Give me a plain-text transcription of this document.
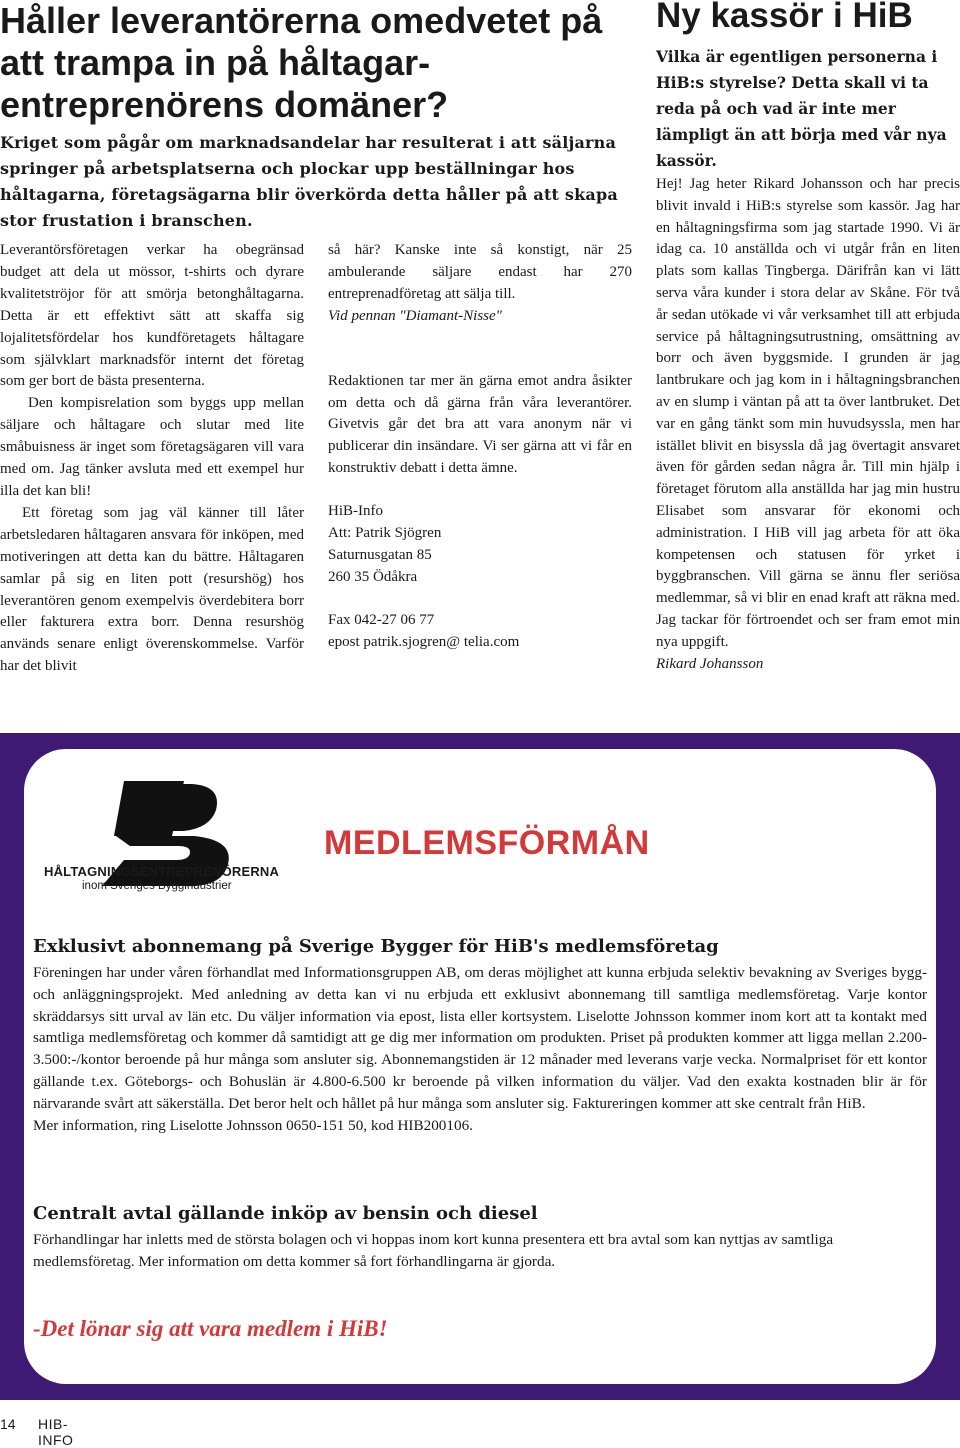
Håller leverantörerna omedvetet på att trampa in på håltagar-entreprenörens domäner?

Kriget som pågår om marknadsandelar har resulterat i att säljarna springer på arbetsplatserna och plockar upp beställningar hos håltagarna, företagsägarna blir överkörda detta håller på att skapa stor frustation i branschen.

Leverantörsföretagen verkar ha obegränsad budget att dela ut mössor, t-shirts och dyrare kvalitetströjor för att smörja betonghåltagarna. Detta är ett effektivt sätt att skaffa sig lojalitetsfördelar hos kundföretagets håltagare som självklart marknadsför internt det företag som ger bort de bästa presenterna.

Den kompisrelation som byggs upp mellan säljare och håltagare och slutar med lite småbuisness är inget som företagsägaren vill vara med om. Jag tänker avsluta med ett exempel hur illa det kan bli!

Ett företag som jag väl känner till låter arbetsledaren håltagaren ansvara för inköpen, med motiveringen att detta kan du bättre. Håltagaren samlar på sig en liten pott (resurshög) hos leverantören genom exempelvis överdebitera borr eller fakturera extra borr. Denna resurshög används senare enligt överenskommelse. Varför har det blivit

så här? Kanske inte så konstigt, när 25 ambulerande säljare endast har 270 entreprenadföretag att sälja till.

Vid pennan "Diamant-Nisse"

Redaktionen tar mer än gärna emot andra åsikter om detta och då gärna från våra leverantörer. Givetvis går det bra att vara anonym när vi publicerar din insändare. Vi ser gärna att vi får en konstruktiv debatt i detta ämne.

HiB-Info

Att: Patrik Sjögren

Saturnusgatan 85

260 35 Ödåkra

Fax 042-27 06 77

epost patrik.sjogren@ telia.com

Ny kassör i HiB

Vilka är egentligen personerna i HiB:s styrelse? Detta skall vi ta reda på och vad är inte mer lämpligt än att börja med vår nya kassör.

Hej! Jag heter Rikard Johansson och har precis blivit invald i HiB:s styrelse som kassör. Jag har en håltagningsfirma som jag startade 1990. Vi är idag ca. 10 anställda och vi utgår från en liten plats som kallas Tingberga. Därifrån kan vi lätt serva våra kunder i stora delar av Skåne. För två år sedan utökade vi vår verksamhet till att erbjuda service på håltagningsutrustning, omsättning av borr och även byggsmide. I grunden är jag lantbrukare och jag kom in i håltagningsbranchen av en slump i väntan på att ta över lantbruket. Det var en gång tänkt som min huvudsyssla, men har istället blivit en bisyssla då jag övertagit ansvaret även för gården sedan några år. Till min hjälp i företaget förutom alla anställda har jag min hustru Elisabet som ansvarar för ekonomi och administration. I HiB vill jag arbeta för att öka kompetensen och statusen för yrket i byggbranschen. Vill gärna se ännu fler seriösa medlemmar, så vi blir en enad kraft att räkna med. Jag tackar för förtroendet och ser fram emot min nya uppgift.

Rikard Johansson

HÅLTAGNINGSENTREPRENÖRERNA

inom Sveriges Byggindustrier

MEDLEMSFÖRMÅN
Exklusivt abonnemang på Sverige Bygger för HiB's medlemsföretag

Föreningen har under våren förhandlat med Informationsgruppen AB, om deras möjlighet att kunna erbjuda selektiv bevakning av Sveriges bygg- och anläggningsprojekt. Med anledning av detta kan vi nu erbjuda ett exklusivt abonnemang till samtliga medlemsföretag. Varje kontor skräddarsys sitt urval av län etc. Du väljer information via epost, lista eller kortsystem. Liselotte Johnsson kommer inom kort att ta kontakt med samtliga medlemsföretag och kommer då samtidigt att ge dig mer information om produkten. Priset på produkten kommer att ligga mellan 2.200-3.500:-/kontor beroende på hur många som ansluter sig. Abonnemangstiden är 12 månader med leverans varje vecka. Normalpriset för ett kontor gällande t.ex. Göteborgs- och Bohuslän är 4.800-6.500 kr beroende på vilken information du väljer. Vad den exakta kostnaden blir är för närvarande svårt att säkerställa. Det beror helt och hållet på hur många som ansluter sig. Faktureringen kommer att ske centralt från HiB.

Mer information, ring Liselotte Johnsson 0650-151 50, kod HIB200106.

Centralt avtal gällande inköp av bensin och diesel

Förhandlingar har inletts med de största bolagen och vi hoppas inom kort kunna presentera ett bra avtal som kan nyttjas av samtliga medlemsföretag. Mer information om detta kommer så fort förhandlingarna är gjorda.

-Det lönar sig att vara medlem i HiB!

14 HIB-INFO
